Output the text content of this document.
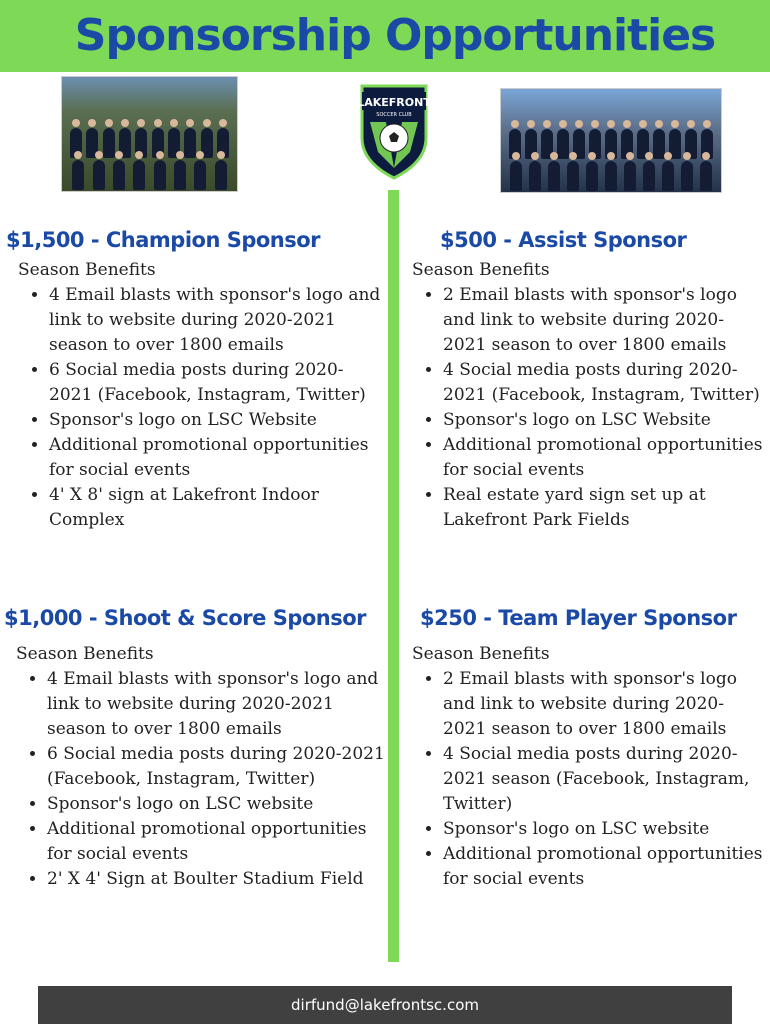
Sponsorship Opportunities
LAKEFRONT
SOCCER CLUB
$1,500 - Champion Sponsor
Season Benefits
• 4 Email blasts with sponsor's logo and link to website during 2020-2021 season to over 1800 emails
• 6 Social media posts during 2020-2021 (Facebook, Instagram, Twitter)
• Sponsor's logo on LSC Website
• Additional promotional opportunities for social events
• 4' X 8' sign at Lakefront Indoor Complex
$500 - Assist Sponsor
Season Benefits
• 2 Email blasts with sponsor's logo and link to website during 2020-2021 season to over 1800 emails
• 4 Social media posts during 2020-2021 (Facebook, Instagram, Twitter)
• Sponsor's logo on LSC Website
• Additional promotional opportunities for social events
• Real estate yard sign set up at Lakefront Park Fields
$1,000 - Shoot & Score Sponsor
Season Benefits
• 4 Email blasts with sponsor's logo and link to website during 2020-2021 season to over 1800 emails
• 6 Social media posts during 2020-2021 (Facebook, Instagram, Twitter)
• Sponsor's logo on LSC website
• Additional promotional opportunities for social events
• 2' X 4' Sign at Boulter Stadium Field
$250 - Team Player Sponsor
Season Benefits
• 2 Email blasts with sponsor's logo and link to website during 2020-2021 season to over 1800 emails
• 4 Social media posts during 2020-2021 season (Facebook, Instagram, Twitter)
• Sponsor's logo on LSC website
• Additional promotional opportunities for social events
dirfund@lakefrontsc.com
